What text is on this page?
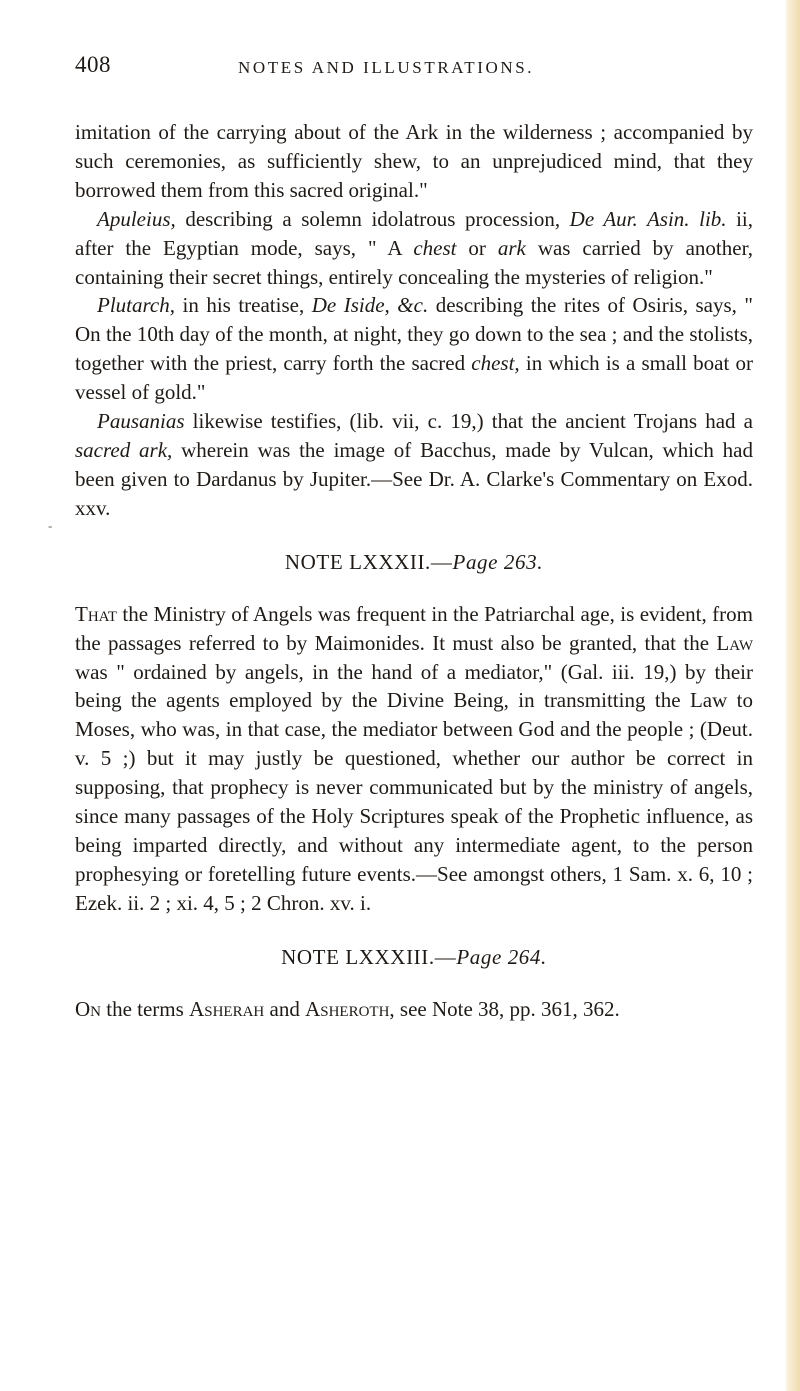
-
408	NOTES AND ILLUSTRATIONS.

imitation of the carrying about of the Ark in the wilderness ; accompanied by such ceremonies, as sufficiently shew, to an unprejudiced mind, that they borrowed them from this sacred original."

Apuleius, describing a solemn idolatrous procession, De Aur. Asin. lib. ii, after the Egyptian mode, says, " A chest or ark was carried by another, containing their secret things, entirely concealing the mysteries of religion."

Plutarch, in his treatise, De Iside, &c. describing the rites of Osiris, says, " On the 10th day of the month, at night, they go down to the sea ; and the stolists, together with the priest, carry forth the sacred chest, in which is a small boat or vessel of gold."

Pausanias likewise testifies, (lib. vii, c. 19,) that the ancient Trojans had a sacred ark, wherein was the image of Bacchus, made by Vulcan, which had been given to Dardanus by Jupiter.—See Dr. A. Clarke's Commentary on Exod. xxv.

NOTE LXXXII.—Page 263.

That the Ministry of Angels was frequent in the Patriarchal age, is evident, from the passages referred to by Maimonides. It must also be granted, that the Law was " ordained by angels, in the hand of a mediator," (Gal. iii. 19,) by their being the agents employed by the Divine Being, in transmitting the Law to Moses, who was, in that case, the mediator between God and the people ; (Deut. v. 5 ;) but it may justly be questioned, whether our author be correct in supposing, that prophecy is never communicated but by the ministry of angels, since many passages of the Holy Scriptures speak of the Prophetic influence, as being imparted directly, and without any intermediate agent, to the person prophesying or foretelling future events.—See amongst others, 1 Sam. x. 6, 10 ; Ezek. ii. 2 ; xi. 4, 5 ; 2 Chron. xv. i.

NOTE LXXXIII.—Page 264.

On the terms Asherah and Asheroth, see Note 38, pp. 361, 362.
